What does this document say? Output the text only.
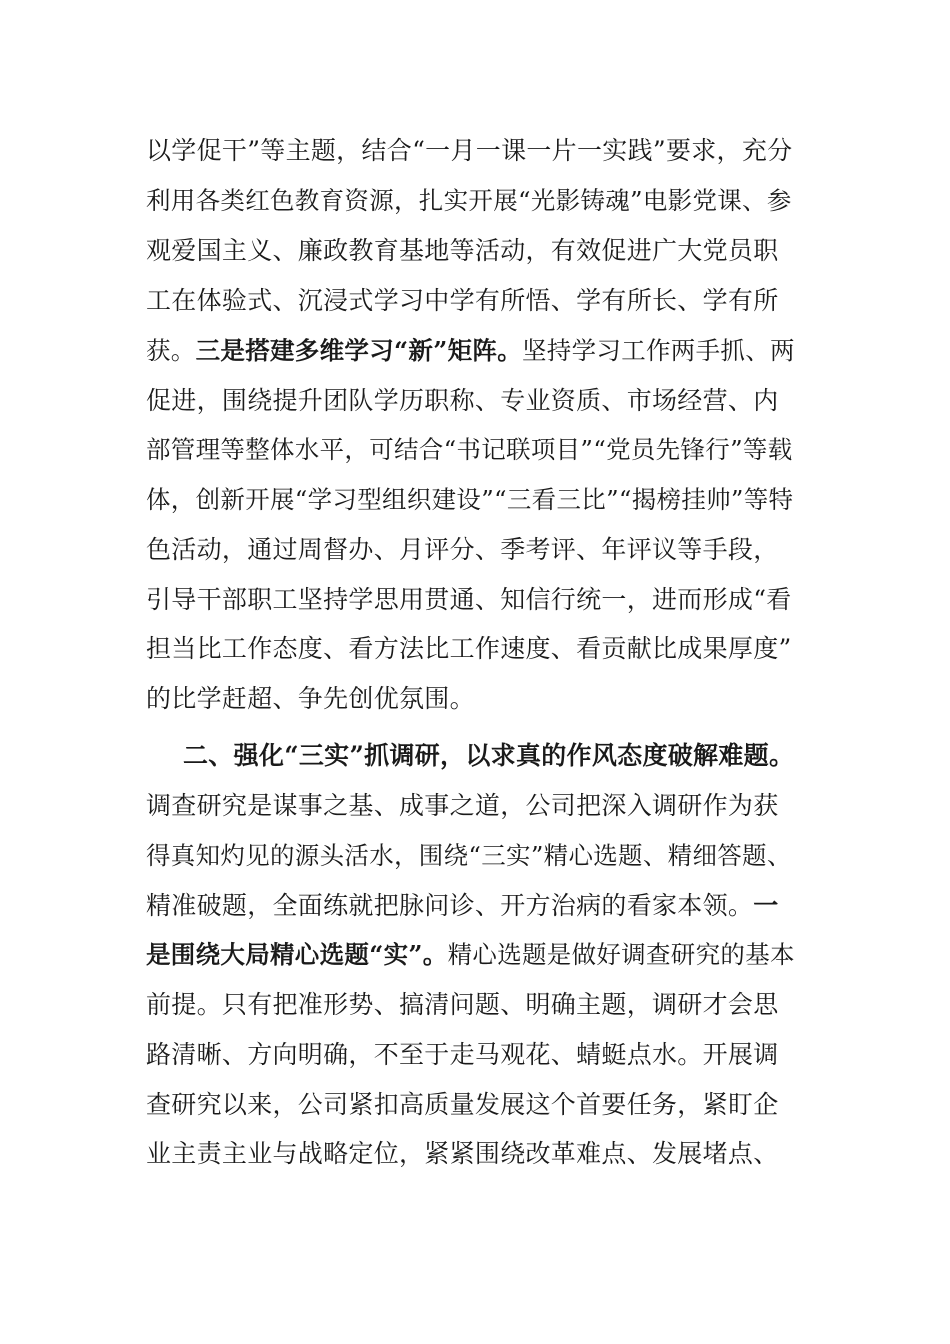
以学促干”等主题，结合“一月一课一片一实践”要求，充分
利用各类红色教育资源，扎实开展“光影铸魂”电影党课、参
观爱国主义、廉政教育基地等活动，有效促进广大党员职
工在体验式、沉浸式学习中学有所悟、学有所长、学有所
获。三是搭建多维学习“新”矩阵。坚持学习工作两手抓、两
促进，围绕提升团队学历职称、专业资质、市场经营、内
部管理等整体水平，可结合“书记联项目”“党员先锋行”等载
体，创新开展“学习型组织建设”“三看三比”“揭榜挂帅”等特
色活动，通过周督办、月评分、季考评、年评议等手段，
引导干部职工坚持学思用贯通、知信行统一，进而形成“看
担当比工作态度、看方法比工作速度、看贡献比成果厚度”
的比学赶超、争先创优氛围。
二、强化“三实”抓调研，以求真的作风态度破解难题。
调查研究是谋事之基、成事之道，公司把深入调研作为获
得真知灼见的源头活水，围绕“三实”精心选题、精细答题、
精准破题，全面练就把脉问诊、开方治病的看家本领。一
是围绕大局精心选题“实”。精心选题是做好调查研究的基本
前提。只有把准形势、搞清问题、明确主题，调研才会思
路清晰、方向明确，不至于走马观花、蜻蜓点水。开展调
查研究以来，公司紧扣高质量发展这个首要任务，紧盯企
业主责主业与战略定位，紧紧围绕改革难点、发展堵点、
